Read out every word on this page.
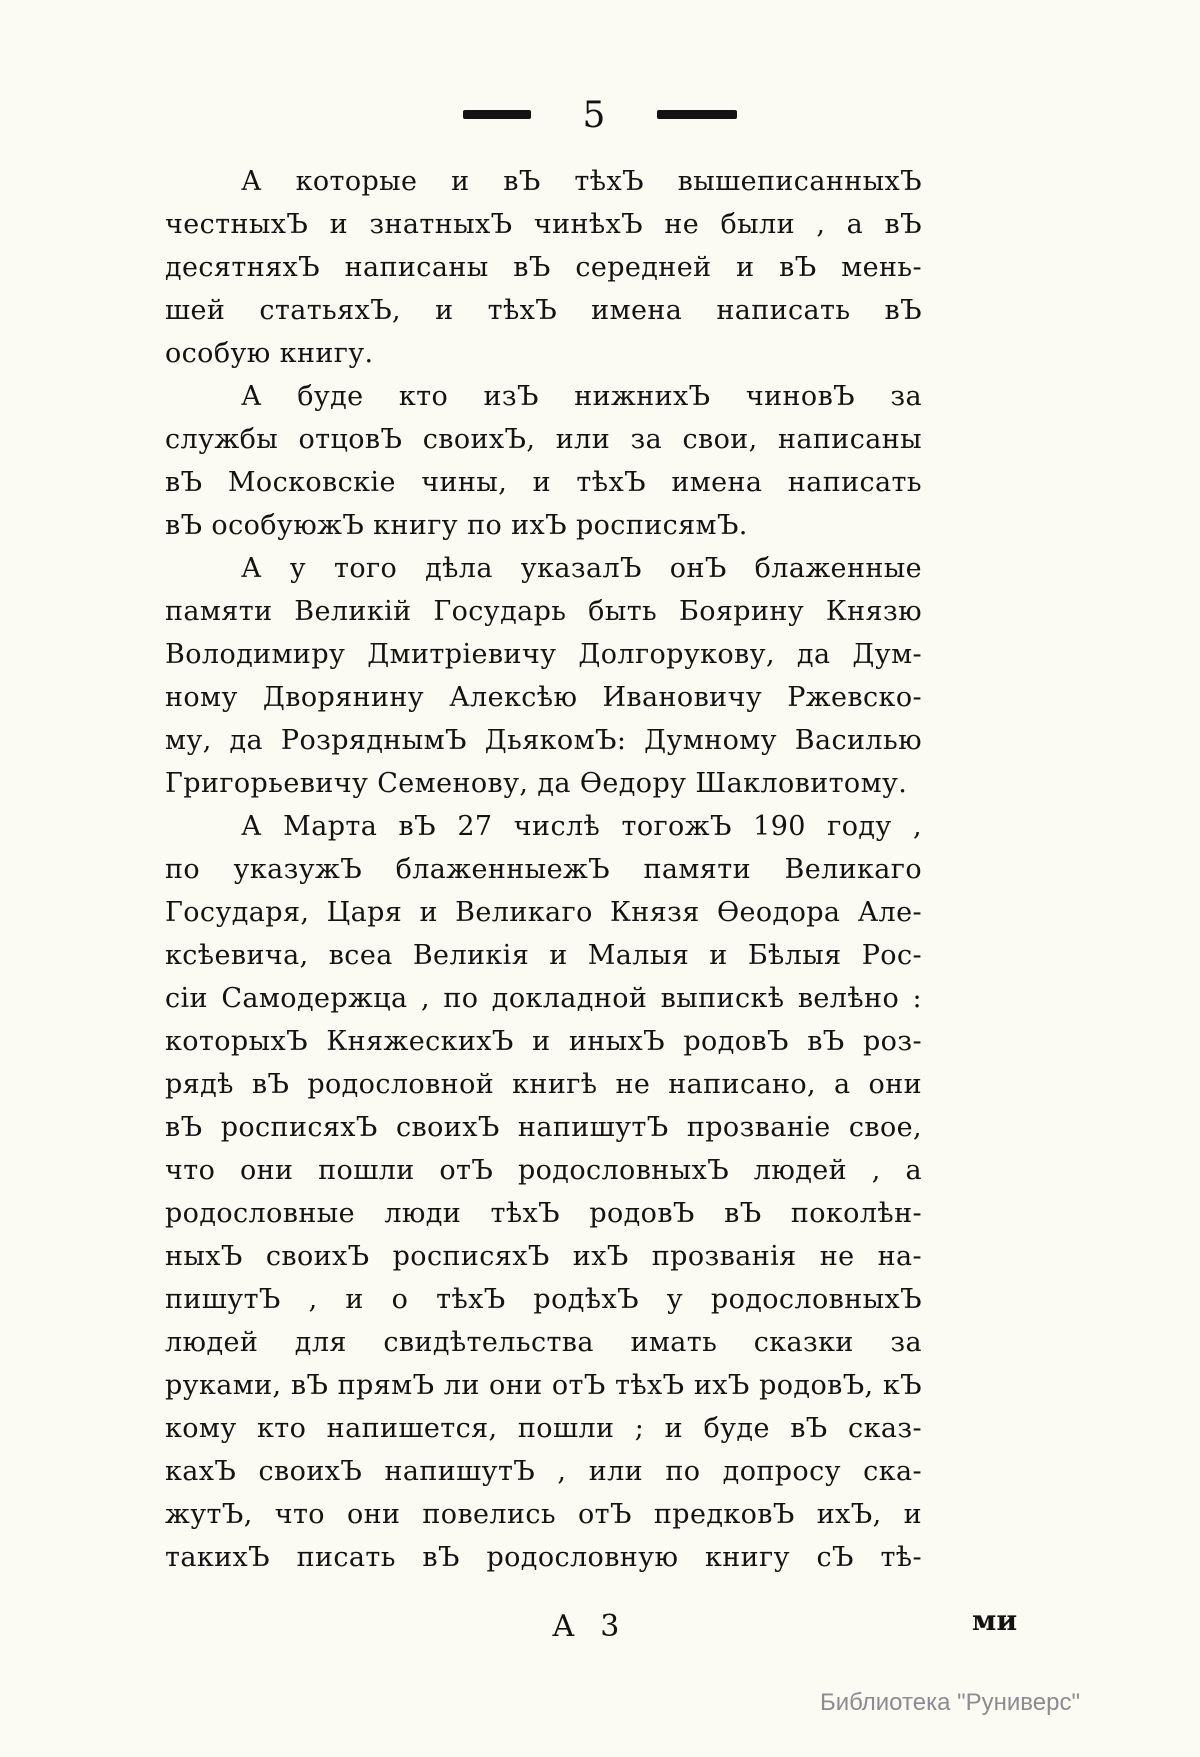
5
А которые и вЪ тѣхЪ вышеписанныхЪ
честныхЪ и знатныхЪ чинѣхЪ не были , а вЪ
десятняхЪ написаны вЪ середней и вЪ мень-
шей статьяхЪ, и тѣхЪ имена написать вЪ
особую книгу.
А буде кто изЪ нижнихЪ чиновЪ за
службы отцовЪ своихЪ, или за свои, написаны
вЪ Московскіе чины, и тѣхЪ имена написать
вЪ особуюжЪ книгу по ихЪ росписямЪ.
А у того дѣла указалЪ онЪ блаженные
памяти Великій Государь быть Боярину Князю
Володимиру Дмитріевичу Долгорукову, да Дум-
ному Дворянину Алексѣю Ивановичу Ржевско-
му, да РозряднымЪ ДьякомЪ: Думному Василью
Григорьевичу Семенову, да Ѳедору Шакловитому.
А Марта вЪ 27 числѣ тогожЪ 190 году ,
по указужЪ блаженныежЪ памяти Великаго
Государя, Царя и Великаго Князя Ѳеодора Але-
ксѣевича, всеа Великія и Малыя и Бѣлыя Рос-
сіи Самодержца , по докладной выпискѣ велѣно :
которыхЪ КняжескихЪ и иныхЪ родовЪ вЪ роз-
рядѣ вЪ родословной книгѣ не написано, а они
вЪ росписяхЪ своихЪ напишутЪ прозваніе свое,
что они пошли отЪ родословныхЪ людей , а
родословные люди тѣхЪ родовЪ вЪ поколѣн-
ныхЪ своихЪ росписяхЪ ихЪ прозванія не на-
пишутЪ , и о тѣхЪ родѣхЪ у родословныхЪ
людей для свидѣтельства имать сказки за
руками, вЪ прямЪ ли они отЪ тѣхЪ ихЪ родовЪ, кЪ
кому кто напишется, пошли ; и буде вЪ сказ-
кахЪ своихЪ напишутЪ , или по допросу ска-
жутЪ, что они повелись отЪ предковЪ ихЪ, и
такихЪ писать вЪ родословную книгу сЪ тѣ-
А 3	ми
Библиотека "Руниверс"
